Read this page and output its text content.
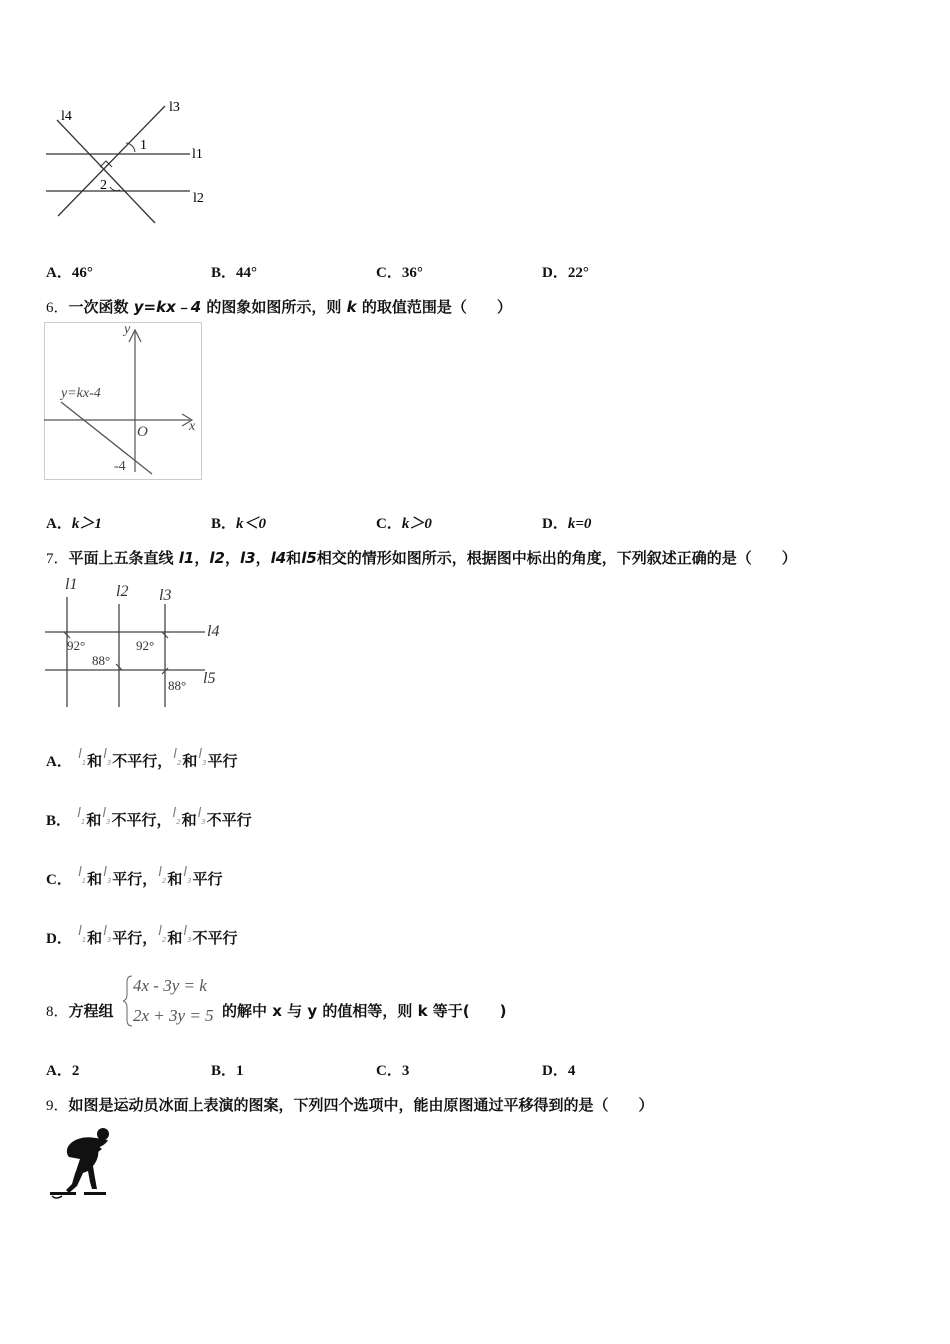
l4
l3
1
l1
2
l2
A．46°	B．44°	C．36°	D．22°
6．一次函数 y=kx﹣4 的图象如图所示，则 k 的取值范围是（　　）
y
x
O
y=kx-4
-4
A．k＞1	B．k＜0	C．k＞0	D．k=0
7．平面上五条直线 l1，l2，l3，l4和l5相交的情形如图所示，根据图中标出的角度，下列叙述正确的是（　　）
l1 l2 l3
l4
l5
92°
88°
92°
88°
A． $l_1$和$l_3$不平行，$l_2$和$l_3$平行
B． $l_1$和$l_3$不平行，$l_2$和$l_3$不平行
C． $l_1$和$l_3$平行，$l_2$和$l_3$平行
D． $l_1$和$l_3$平行，$l_2$和$l_3$不平行
8．方程组
4x - 3y = k
2x + 3y = 5 的解中 x 与 y 的值相等，则 k 等于(　　)
A．2	B．1	C．3	D．4
9．如图是运动员冰面上表演的图案，下列四个选项中，能由原图通过平移得到的是（　　）
